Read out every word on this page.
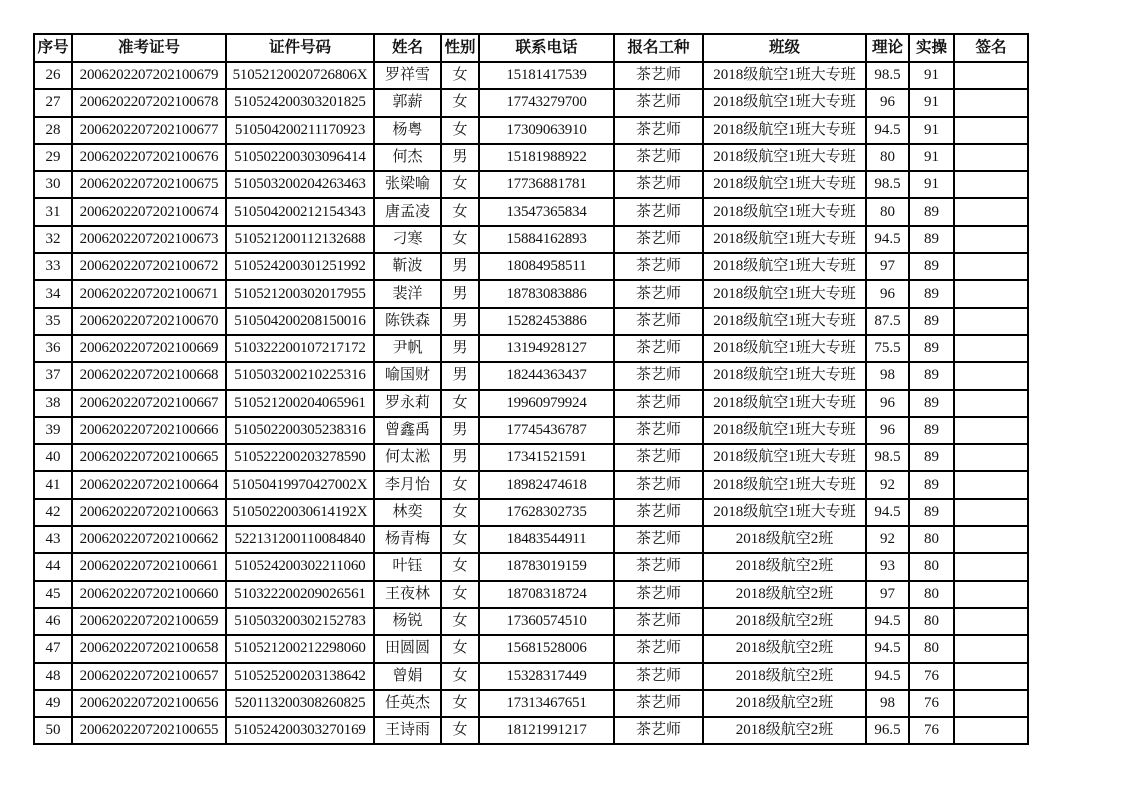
序号	准考证号	证件号码	姓名	性别	联系电话	报名工种	班级	理论	实操	签名
26	2006202207202100679	51052120020726806X	罗祥雪	女	15181417539	茶艺师	2018级航空1班大专班	98.5	91	
27	2006202207202100678	510524200303201825	郭薪	女	17743279700	茶艺师	2018级航空1班大专班	96	91	
28	2006202207202100677	510504200211170923	杨粤	女	17309063910	茶艺师	2018级航空1班大专班	94.5	91	
29	2006202207202100676	510502200303096414	何杰	男	15181988922	茶艺师	2018级航空1班大专班	80	91	
30	2006202207202100675	510503200204263463	张梁喻	女	17736881781	茶艺师	2018级航空1班大专班	98.5	91	
31	2006202207202100674	510504200212154343	唐孟凌	女	13547365834	茶艺师	2018级航空1班大专班	80	89	
32	2006202207202100673	510521200112132688	刁寒	女	15884162893	茶艺师	2018级航空1班大专班	94.5	89	
33	2006202207202100672	510524200301251992	靳波	男	18084958511	茶艺师	2018级航空1班大专班	97	89	
34	2006202207202100671	510521200302017955	裴洋	男	18783083886	茶艺师	2018级航空1班大专班	96	89	
35	2006202207202100670	510504200208150016	陈铁森	男	15282453886	茶艺师	2018级航空1班大专班	87.5	89	
36	2006202207202100669	510322200107217172	尹帆	男	13194928127	茶艺师	2018级航空1班大专班	75.5	89	
37	2006202207202100668	510503200210225316	喻国财	男	18244363437	茶艺师	2018级航空1班大专班	98	89	
38	2006202207202100667	510521200204065961	罗永莉	女	19960979924	茶艺师	2018级航空1班大专班	96	89	
39	2006202207202100666	510502200305238316	曾鑫禹	男	17745436787	茶艺师	2018级航空1班大专班	96	89	
40	2006202207202100665	510522200203278590	何太淞	男	17341521591	茶艺师	2018级航空1班大专班	98.5	89	
41	2006202207202100664	51050419970427002X	李月怡	女	18982474618	茶艺师	2018级航空1班大专班	92	89	
42	2006202207202100663	51050220030614192X	林奕	女	17628302735	茶艺师	2018级航空1班大专班	94.5	89	
43	2006202207202100662	522131200110084840	杨青梅	女	18483544911	茶艺师	2018级航空2班	92	80	
44	2006202207202100661	510524200302211060	叶钰	女	18783019159	茶艺师	2018级航空2班	93	80	
45	2006202207202100660	510322200209026561	王夜林	女	18708318724	茶艺师	2018级航空2班	97	80	
46	2006202207202100659	510503200302152783	杨锐	女	17360574510	茶艺师	2018级航空2班	94.5	80	
47	2006202207202100658	510521200212298060	田圆圆	女	15681528006	茶艺师	2018级航空2班	94.5	80	
48	2006202207202100657	510525200203138642	曾娟	女	15328317449	茶艺师	2018级航空2班	94.5	76	
49	2006202207202100656	520113200308260825	任英杰	女	17313467651	茶艺师	2018级航空2班	98	76	
50	2006202207202100655	510524200303270169	王诗雨	女	18121991217	茶艺师	2018级航空2班	96.5	76	
